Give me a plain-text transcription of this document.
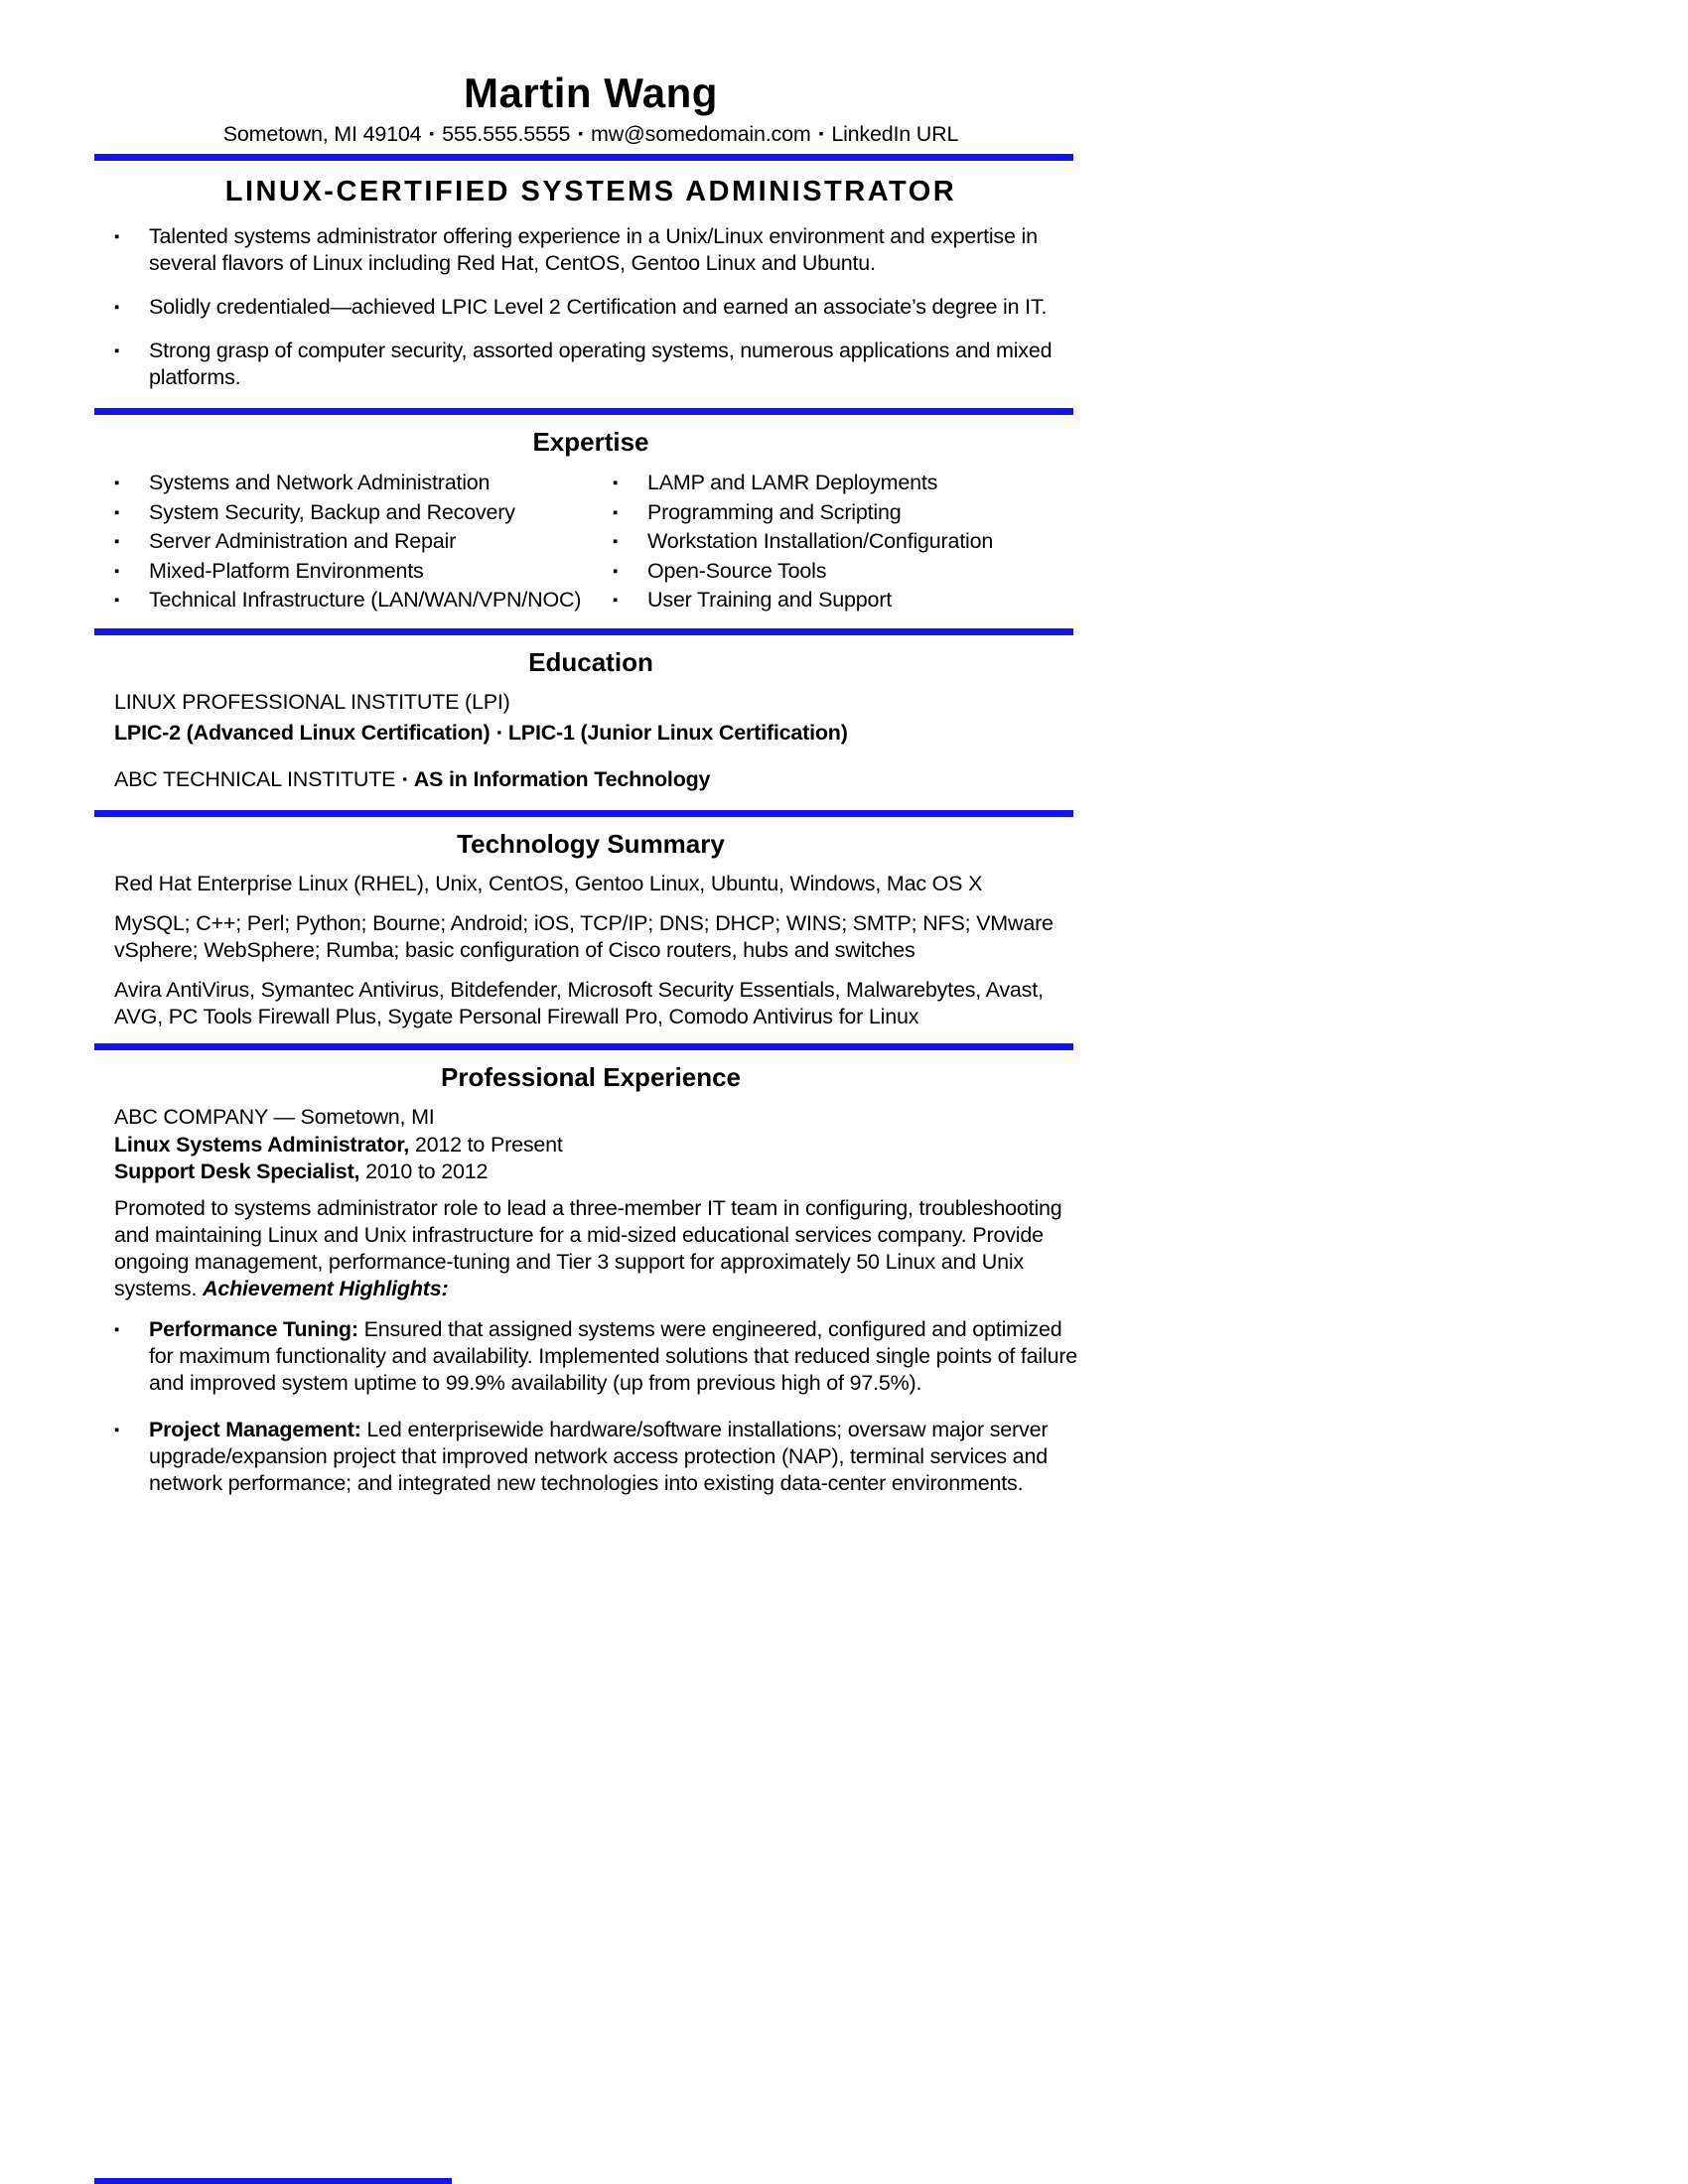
Martin Wang
Sometown, MI 49104 ▪ 555.555.5555 ▪ mw@somedomain.com ▪ LinkedIn URL
LINUX-CERTIFIED SYSTEMS ADMINISTRATOR
▪	Talented systems administrator offering experience in a Unix/Linux environment and expertise in several flavors of Linux including Red Hat, CentOS, Gentoo Linux and Ubuntu.

▪	Solidly credentialed—achieved LPIC Level 2 Certification and earned an associate’s degree in IT.

▪	Strong grasp of computer security, assorted operating systems, numerous applications and mixed platforms.

Expertise
▪	Systems and Network Administration
▪	System Security, Backup and Recovery
▪	Server Administration and Repair
▪	Mixed-Platform Environments
▪	Technical Infrastructure (LAN/WAN/VPN/NOC)
▪	LAMP and LAMR Deployments
▪	Programming and Scripting
▪	Workstation Installation/Configuration
▪	Open-Source Tools
▪	User Training and Support
Education
LINUX PROFESSIONAL INSTITUTE (LPI)
LPIC-2 (Advanced Linux Certification) ▪ LPIC-1 (Junior Linux Certification)
ABC TECHNICAL INSTITUTE ▪ AS in Information Technology
Technology Summary

Red Hat Enterprise Linux (RHEL), Unix, CentOS, Gentoo Linux, Ubuntu, Windows, Mac OS X

MySQL; C++; Perl; Python; Bourne; Android; iOS, TCP/IP; DNS; DHCP; WINS; SMTP; NFS; VMware vSphere; WebSphere; Rumba; basic configuration of Cisco routers, hubs and switches

Avira AntiVirus, Symantec Antivirus, Bitdefender, Microsoft Security Essentials, Malwarebytes, Avast, AVG, PC Tools Firewall Plus, Sygate Personal Firewall Pro, Comodo Antivirus for Linux

Professional Experience
ABC COMPANY — Sometown, MI
Linux Systems Administrator, 2012 to Present
Support Desk Specialist, 2010 to 2012

Promoted to systems administrator role to lead a three-member IT team in configuring, troubleshooting and maintaining Linux and Unix infrastructure for a mid-sized educational services company. Provide ongoing management, performance-tuning and Tier 3 support for approximately 50 Linux and Unix systems. Achievement Highlights:

▪	Performance Tuning: Ensured that assigned systems were engineered, configured and optimized for maximum functionality and availability. Implemented solutions that reduced single points of failure and improved system uptime to 99.9% availability (up from previous high of 97.5%).

▪	Project Management: Led enterprisewide hardware/software installations; oversaw major server upgrade/expansion project that improved network access protection (NAP), terminal services and network performance; and integrated new technologies into existing data-center environments.
